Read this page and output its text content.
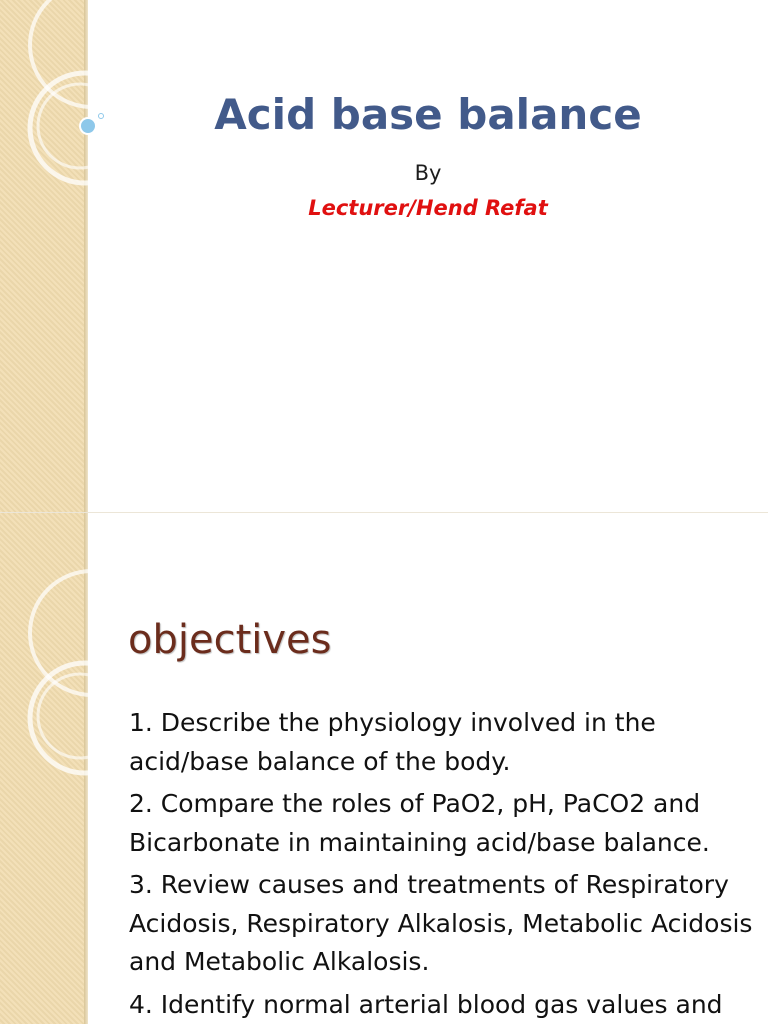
Acid base balance
By
Lecturer/Hend Refat
objectives
1. Describe the physiology involved in the acid/base balance of the body.
2. Compare the roles of PaO2, pH, PaCO2 and Bicarbonate in maintaining acid/base balance.
3. Review causes and treatments of Respiratory Acidosis, Respiratory Alkalosis, Metabolic Acidosis and Metabolic Alkalosis.
4. Identify normal arterial blood gas values and
